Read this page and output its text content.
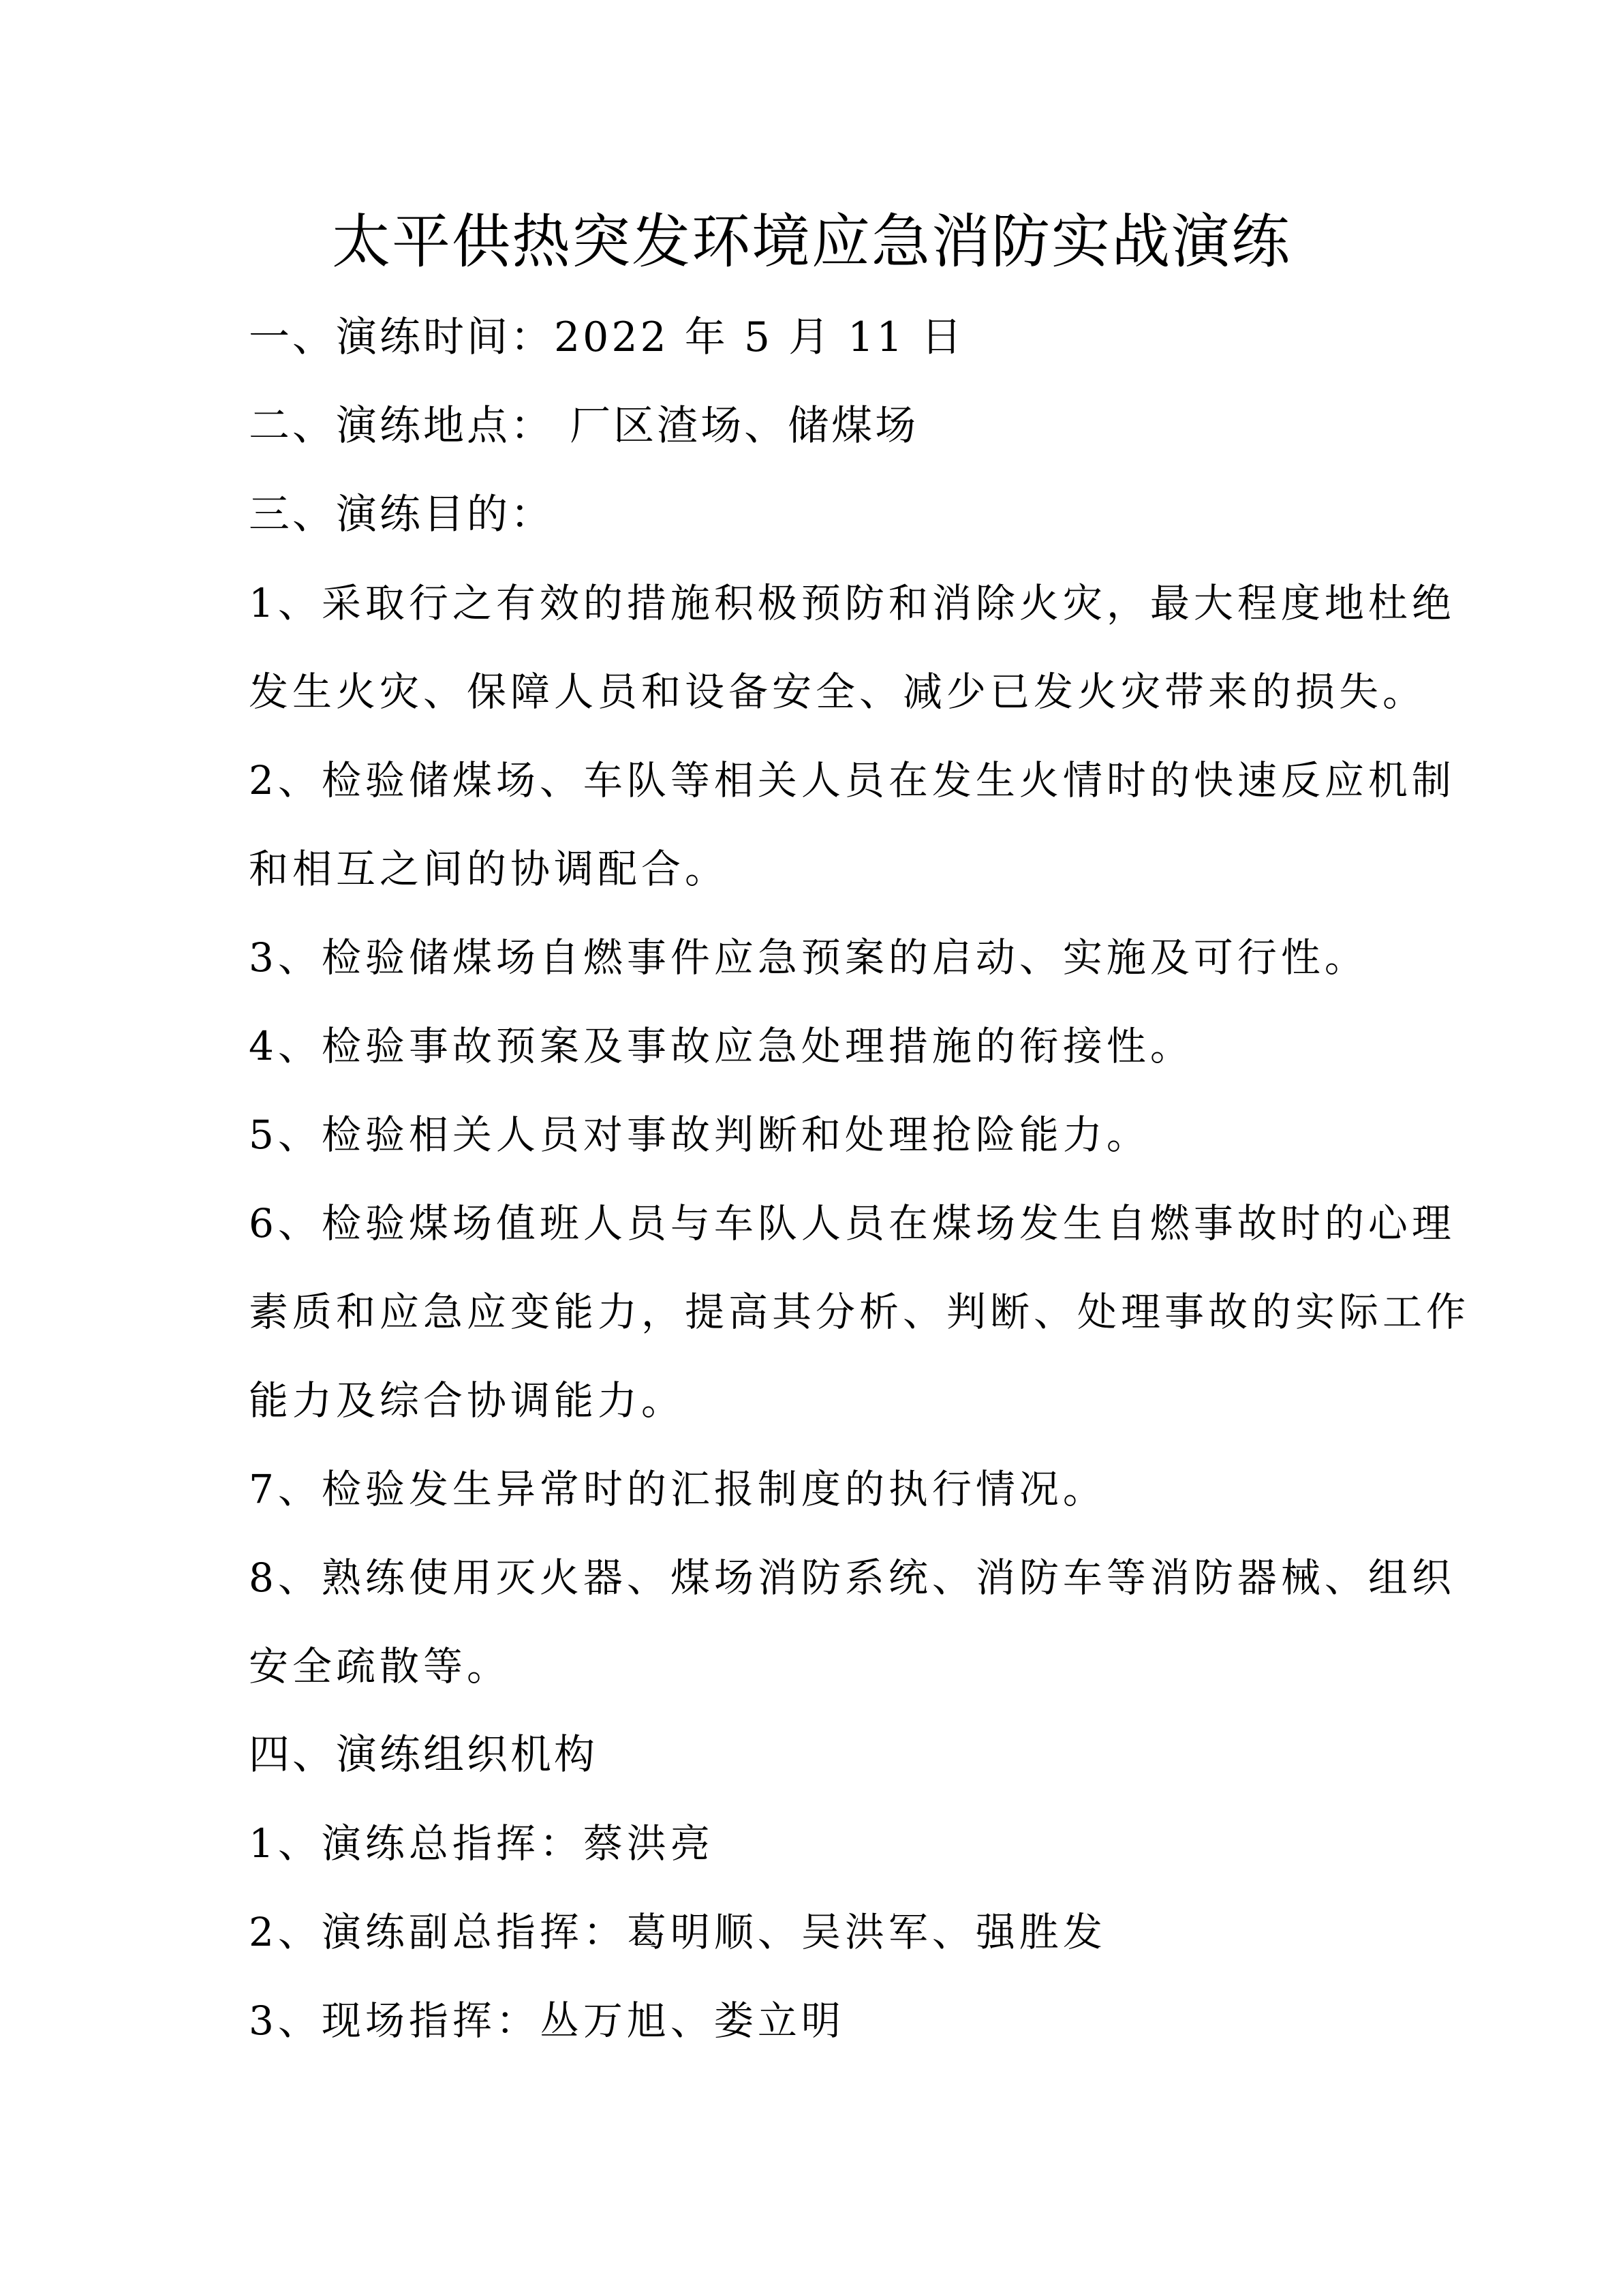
太平供热突发环境应急消防实战演练
一、演练时间：2022 年 5 月 11 日
二、演练地点： 厂区渣场、储煤场
三、演练目的：
1、采取行之有效的措施积极预防和消除火灾，最大程度地杜绝
发生火灾、保障人员和设备安全、减少已发火灾带来的损失。
2、检验储煤场、车队等相关人员在发生火情时的快速反应机制
和相互之间的协调配合。
3、检验储煤场自燃事件应急预案的启动、实施及可行性。
4、检验事故预案及事故应急处理措施的衔接性。
5、检验相关人员对事故判断和处理抢险能力。
6、检验煤场值班人员与车队人员在煤场发生自燃事故时的心理
素质和应急应变能力，提高其分析、判断、处理事故的实际工作
能力及综合协调能力。
7、检验发生异常时的汇报制度的执行情况。
8、熟练使用灭火器、煤场消防系统、消防车等消防器械、组织
安全疏散等。
四、演练组织机构
1、演练总指挥：蔡洪亮
2、演练副总指挥：葛明顺、吴洪军、强胜发
3、现场指挥：丛万旭、娄立明
